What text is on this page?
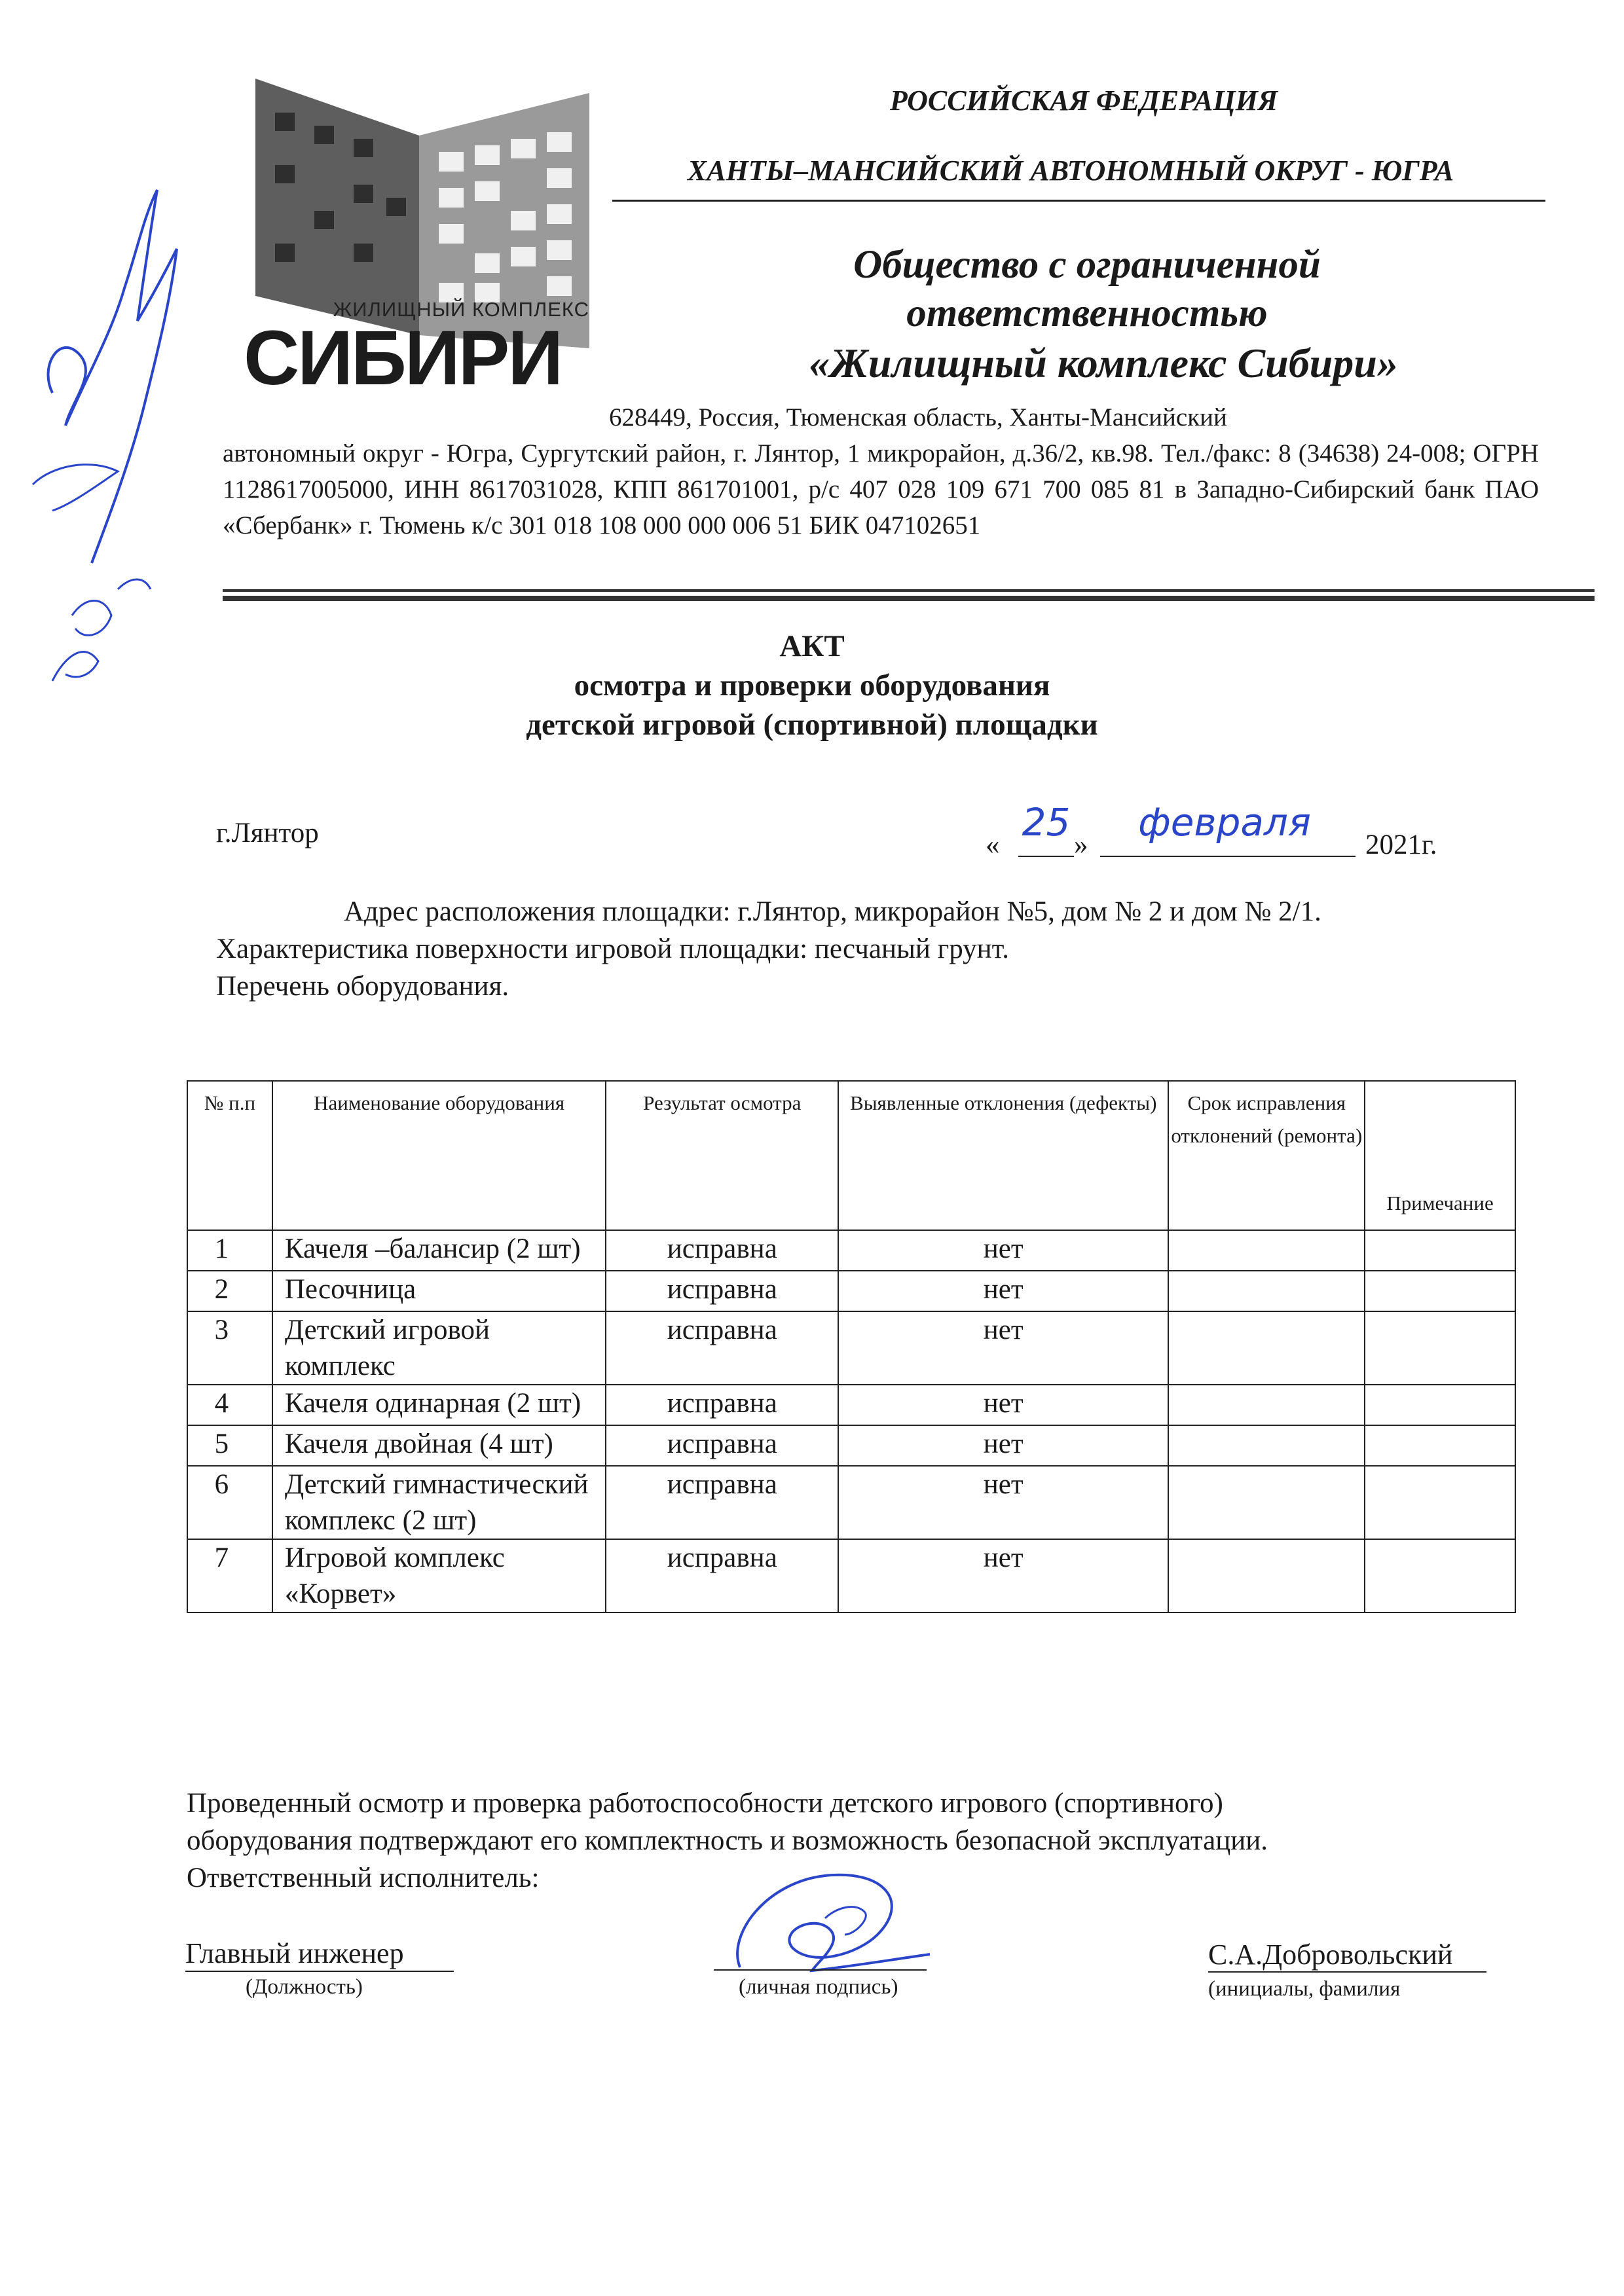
ЖИЛИЩНЫЙ КОМПЛЕКС
СИБИРИ
РОССИЙСКАЯ ФЕДЕРАЦИЯ
ХАНТЫ–МАНСИЙСКИЙ АВТОНОМНЫЙ ОКРУГ - ЮГРА
Общество с ограниченной
ответственностью
«Жилищный комплекс Сибири»
628449, Россия, Тюменская область, Ханты-Мансийский
автономный округ - Югра, Сургутский район, г. Лянтор, 1 микрорайон, д.36/2, кв.98. Тел./факс: 8 (34638) 24-008; ОГРН 1128617005000, ИНН 8617031028, КПП 861701001, р/с 407 028 109 671 700 085 81 в Западно-Сибирский банк ПАО «Сбербанк» г. Тюмень к/с 301 018 108 000 000 006 51 БИК 047102651
АКТ
осмотра и проверки оборудования
детской игровой (спортивной) площадки
г.Лянтор	«
25
»
февраля
2021г.
Адрес расположения площадки: г.Лянтор, микрорайон №5, дом № 2 и дом № 2/1.
Характеристика поверхности игровой площадки: песчаный грунт.
Перечень оборудования.
№ п.п	Наименование оборудования	Результат осмотра	Выявленные отклонения (дефекты)	Срок исправления отклонений (ремонта)	Примечание
1	Качеля –балансир (2 шт)	исправна	нет		
2	Песочница	исправна	нет		
3	Детский игровой комплекс	исправна	нет		
4	Качеля одинарная (2 шт)	исправна	нет		
5	Качеля двойная (4 шт)	исправна	нет		
6	Детский гимнастический комплекс (2 шт)	исправна	нет		
7	Игровой комплекс «Корвет»	исправна	нет		
Проведенный осмотр и проверка работоспособности детского игрового (спортивного)
оборудования подтверждают его комплектность и возможность безопасной эксплуатации.
Ответственный исполнитель:
Главный инженер
(Должность)	(личная подпись)
С.А.Добровольский
(инициалы, фамилия
